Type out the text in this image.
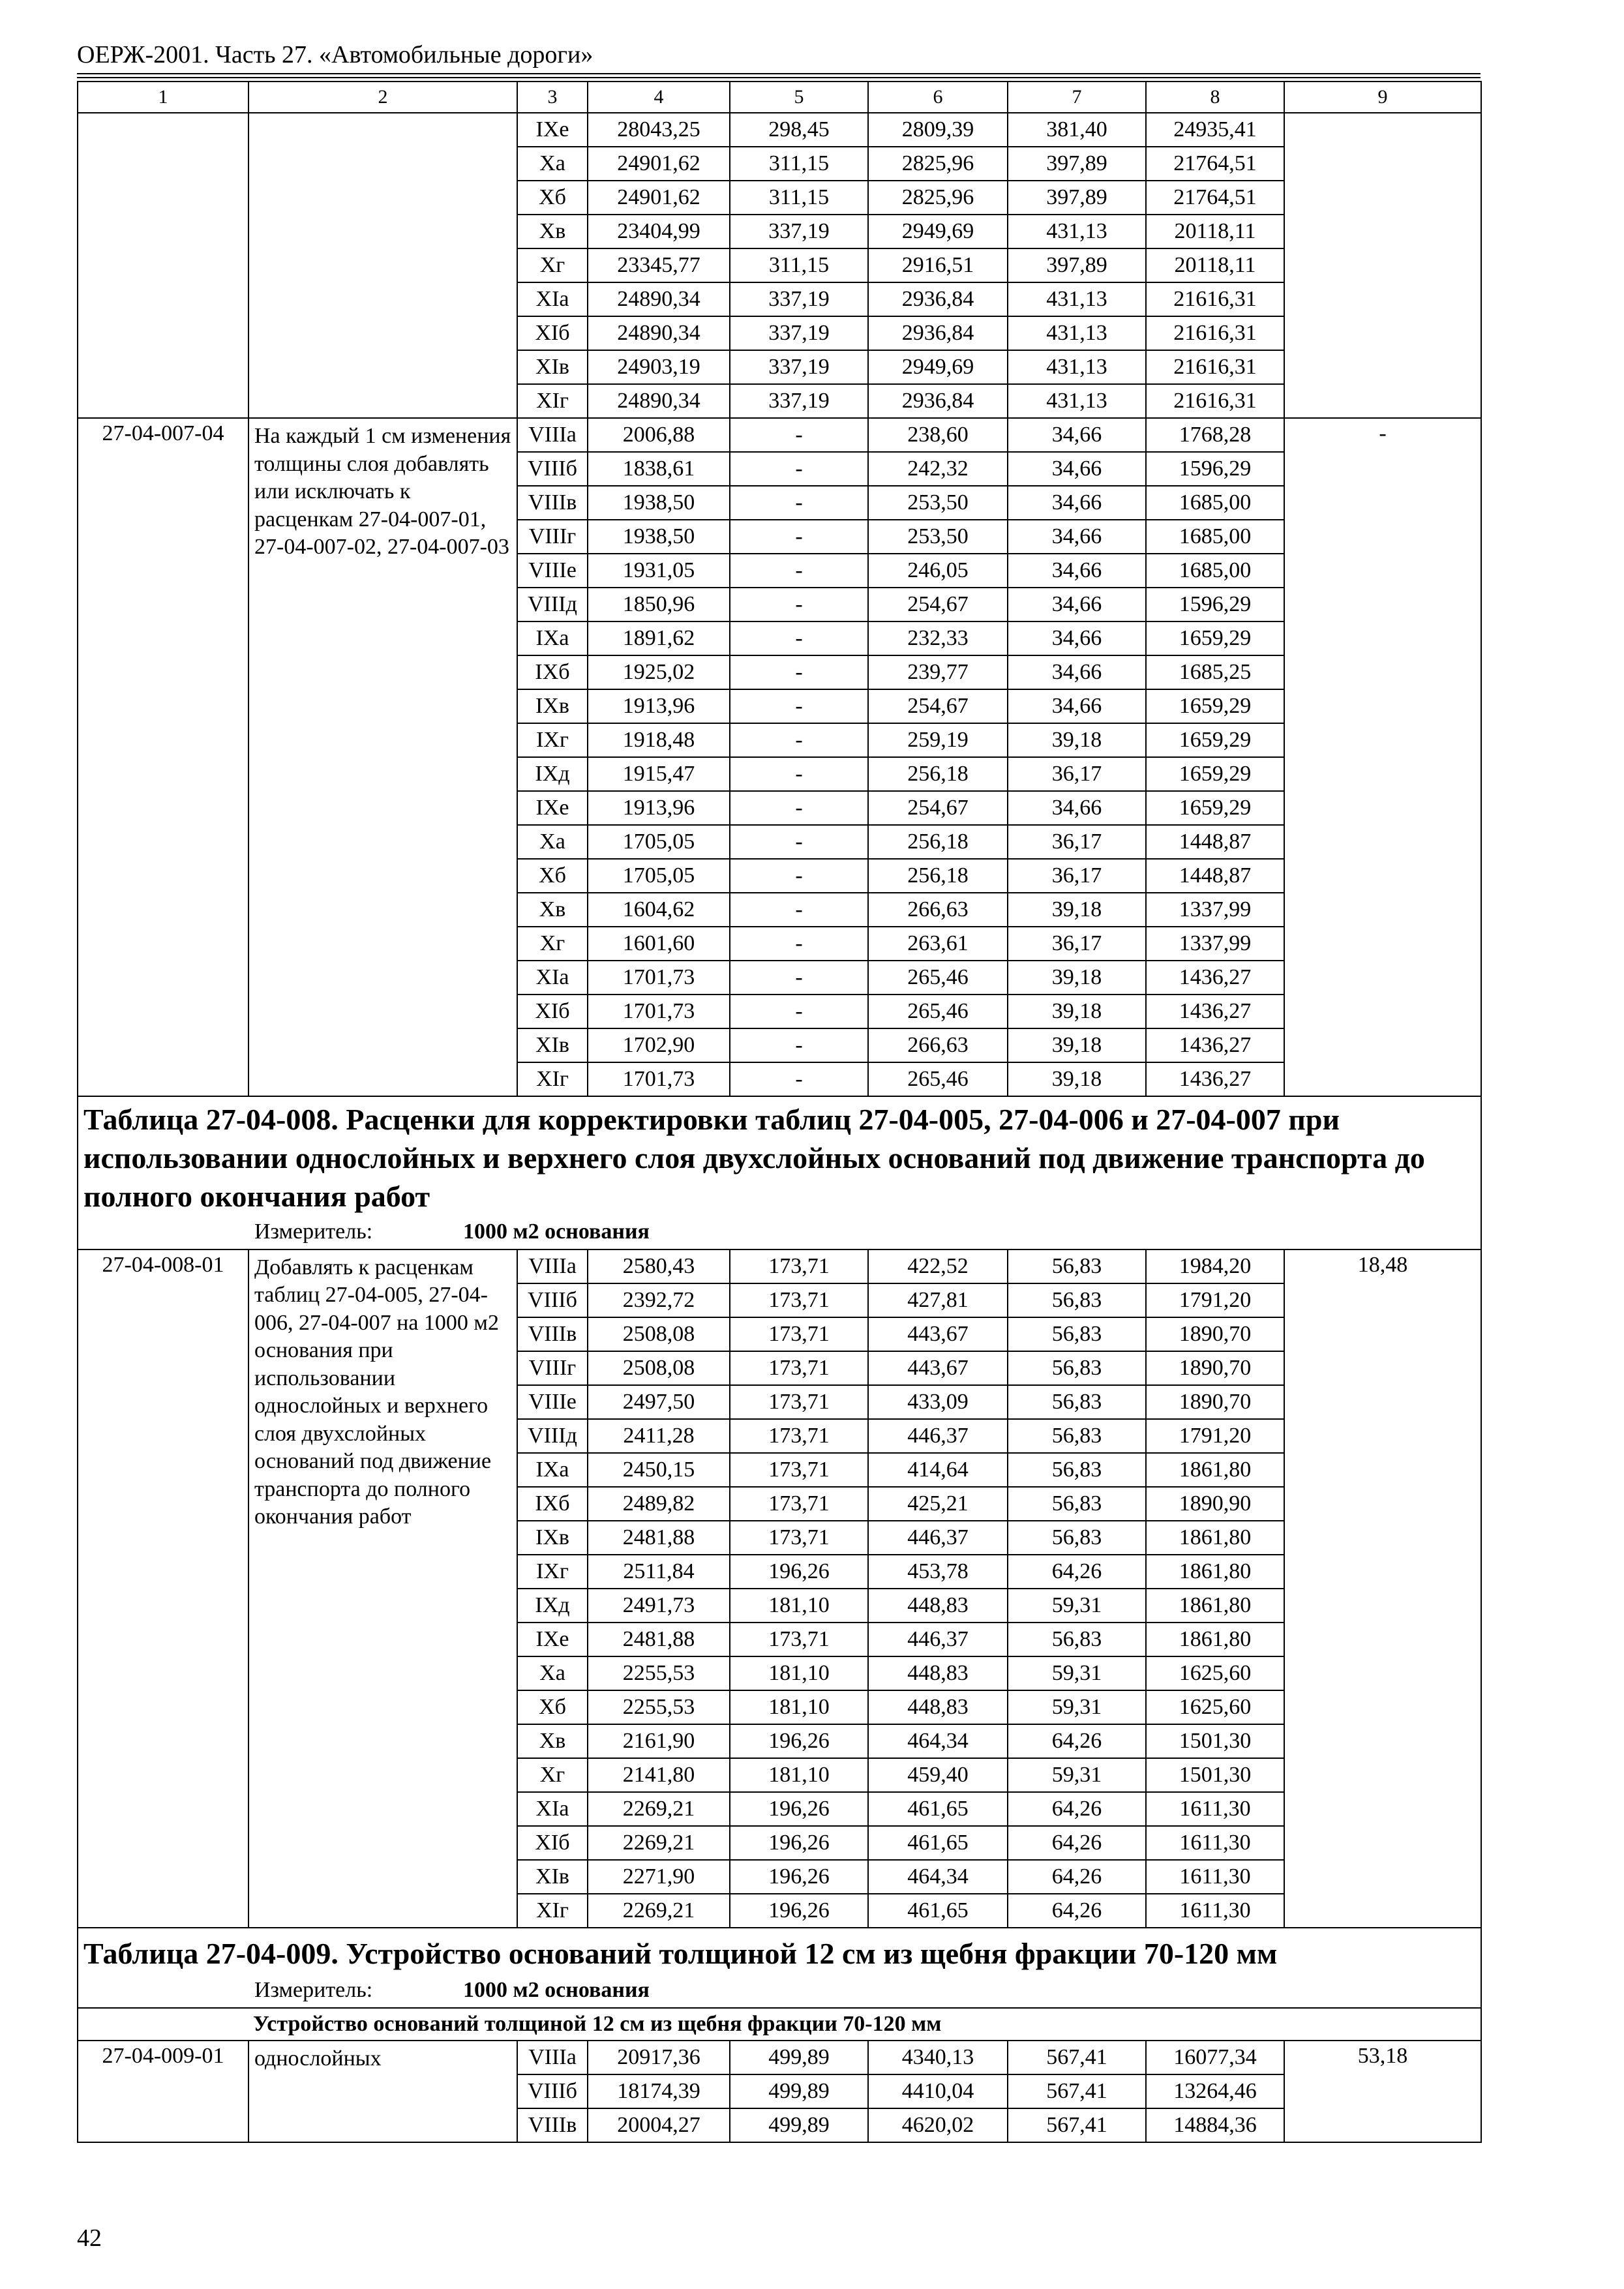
ОЕРЖ-2001. Часть 27. «Автомобильные дороги»
1	2	3	4	5	6	7	8	9
		IXе	28043,25	298,45	2809,39	381,40	24935,41	
		Xа	24901,62	311,15	2825,96	397,89	21764,51	
		Xб	24901,62	311,15	2825,96	397,89	21764,51	
		Xв	23404,99	337,19	2949,69	431,13	20118,11	
		Xг	23345,77	311,15	2916,51	397,89	20118,11	
		XIа	24890,34	337,19	2936,84	431,13	21616,31	
		XIб	24890,34	337,19	2936,84	431,13	21616,31	
		XIв	24903,19	337,19	2949,69	431,13	21616,31	
		XIг	24890,34	337,19	2936,84	431,13	21616,31	
27-04-007-04	На каждый 1 см изменения толщины слоя добавлять или исключать к расценкам 27-04-007-01, 27-04-007-02, 27-04-007-03	VIIIа	2006,88	-	238,60	34,66	1768,28	-
		VIIIб	1838,61	-	242,32	34,66	1596,29	
		VIIIв	1938,50	-	253,50	34,66	1685,00	
		VIIIг	1938,50	-	253,50	34,66	1685,00	
		VIIIе	1931,05	-	246,05	34,66	1685,00	
		VIIIд	1850,96	-	254,67	34,66	1596,29	
		IXа	1891,62	-	232,33	34,66	1659,29	
		IXб	1925,02	-	239,77	34,66	1685,25	
		IXв	1913,96	-	254,67	34,66	1659,29	
		IXг	1918,48	-	259,19	39,18	1659,29	
		IXд	1915,47	-	256,18	36,17	1659,29	
		IXе	1913,96	-	254,67	34,66	1659,29	
		Xа	1705,05	-	256,18	36,17	1448,87	
		Xб	1705,05	-	256,18	36,17	1448,87	
		Xв	1604,62	-	266,63	39,18	1337,99	
		Xг	1601,60	-	263,61	36,17	1337,99	
		XIа	1701,73	-	265,46	39,18	1436,27	
		XIб	1701,73	-	265,46	39,18	1436,27	
		XIв	1702,90	-	266,63	39,18	1436,27	
		XIг	1701,73	-	265,46	39,18	1436,27	

Таблица 27-04-008. Расценки для корректировки таблиц 27-04-005, 27-04-006 и 27-04-007 при использовании однослойных и верхнего слоя двухслойных оснований под движение транспорта до полного окончания работ
Измеритель: 1000 м2 основания								

27-04-008-01	Добавлять к расценкам таблиц 27-04-005, 27-04-006, 27-04-007 на 1000 м2 основания при использовании однослойных и верхнего слоя двухслойных оснований под движение транспорта до полного окончания работ	VIIIа	2580,43	173,71	422,52	56,83	1984,20	18,48
		VIIIб	2392,72	173,71	427,81	56,83	1791,20	
		VIIIв	2508,08	173,71	443,67	56,83	1890,70	
		VIIIг	2508,08	173,71	443,67	56,83	1890,70	
		VIIIе	2497,50	173,71	433,09	56,83	1890,70	
		VIIIд	2411,28	173,71	446,37	56,83	1791,20	
		IXа	2450,15	173,71	414,64	56,83	1861,80	
		IXб	2489,82	173,71	425,21	56,83	1890,90	
		IXв	2481,88	173,71	446,37	56,83	1861,80	
		IXг	2511,84	196,26	453,78	64,26	1861,80	
		IXд	2491,73	181,10	448,83	59,31	1861,80	
		IXе	2481,88	173,71	446,37	56,83	1861,80	
		Xа	2255,53	181,10	448,83	59,31	1625,60	
		Xб	2255,53	181,10	448,83	59,31	1625,60	
		Xв	2161,90	196,26	464,34	64,26	1501,30	
		Xг	2141,80	181,10	459,40	59,31	1501,30	
		XIа	2269,21	196,26	461,65	64,26	1611,30	
		XIб	2269,21	196,26	461,65	64,26	1611,30	
		XIв	2271,90	196,26	464,34	64,26	1611,30	
		XIг	2269,21	196,26	461,65	64,26	1611,30	

Таблица 27-04-009. Устройство оснований толщиной 12 см из щебня фракции 70-120 мм
Измеритель: 1000 м2 основания								

Устройство оснований толщиной 12 см из щебня фракции 70-120 мм								
27-04-009-01	однослойных	VIIIа	20917,36	499,89	4340,13	567,41	16077,34	53,18
		VIIIб	18174,39	499,89	4410,04	567,41	13264,46	
		VIIIв	20004,27	499,89	4620,02	567,41	14884,36	
42
